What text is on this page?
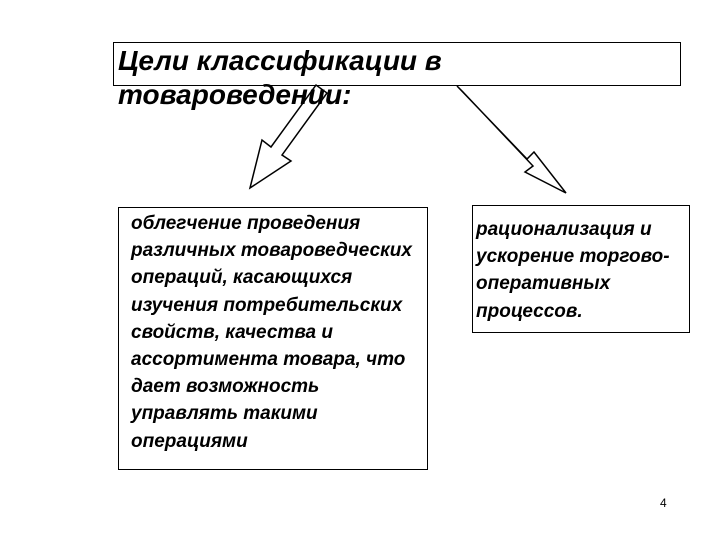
Цели классификации в
товароведении:
облегчение проведения различных товароведческих операций, касающихся изучения потребительских свойств, качества и ассортимента товара, что дает возможность управлять такими операциями
рационализация и ускорение торгово-оперативных процессов.
4
